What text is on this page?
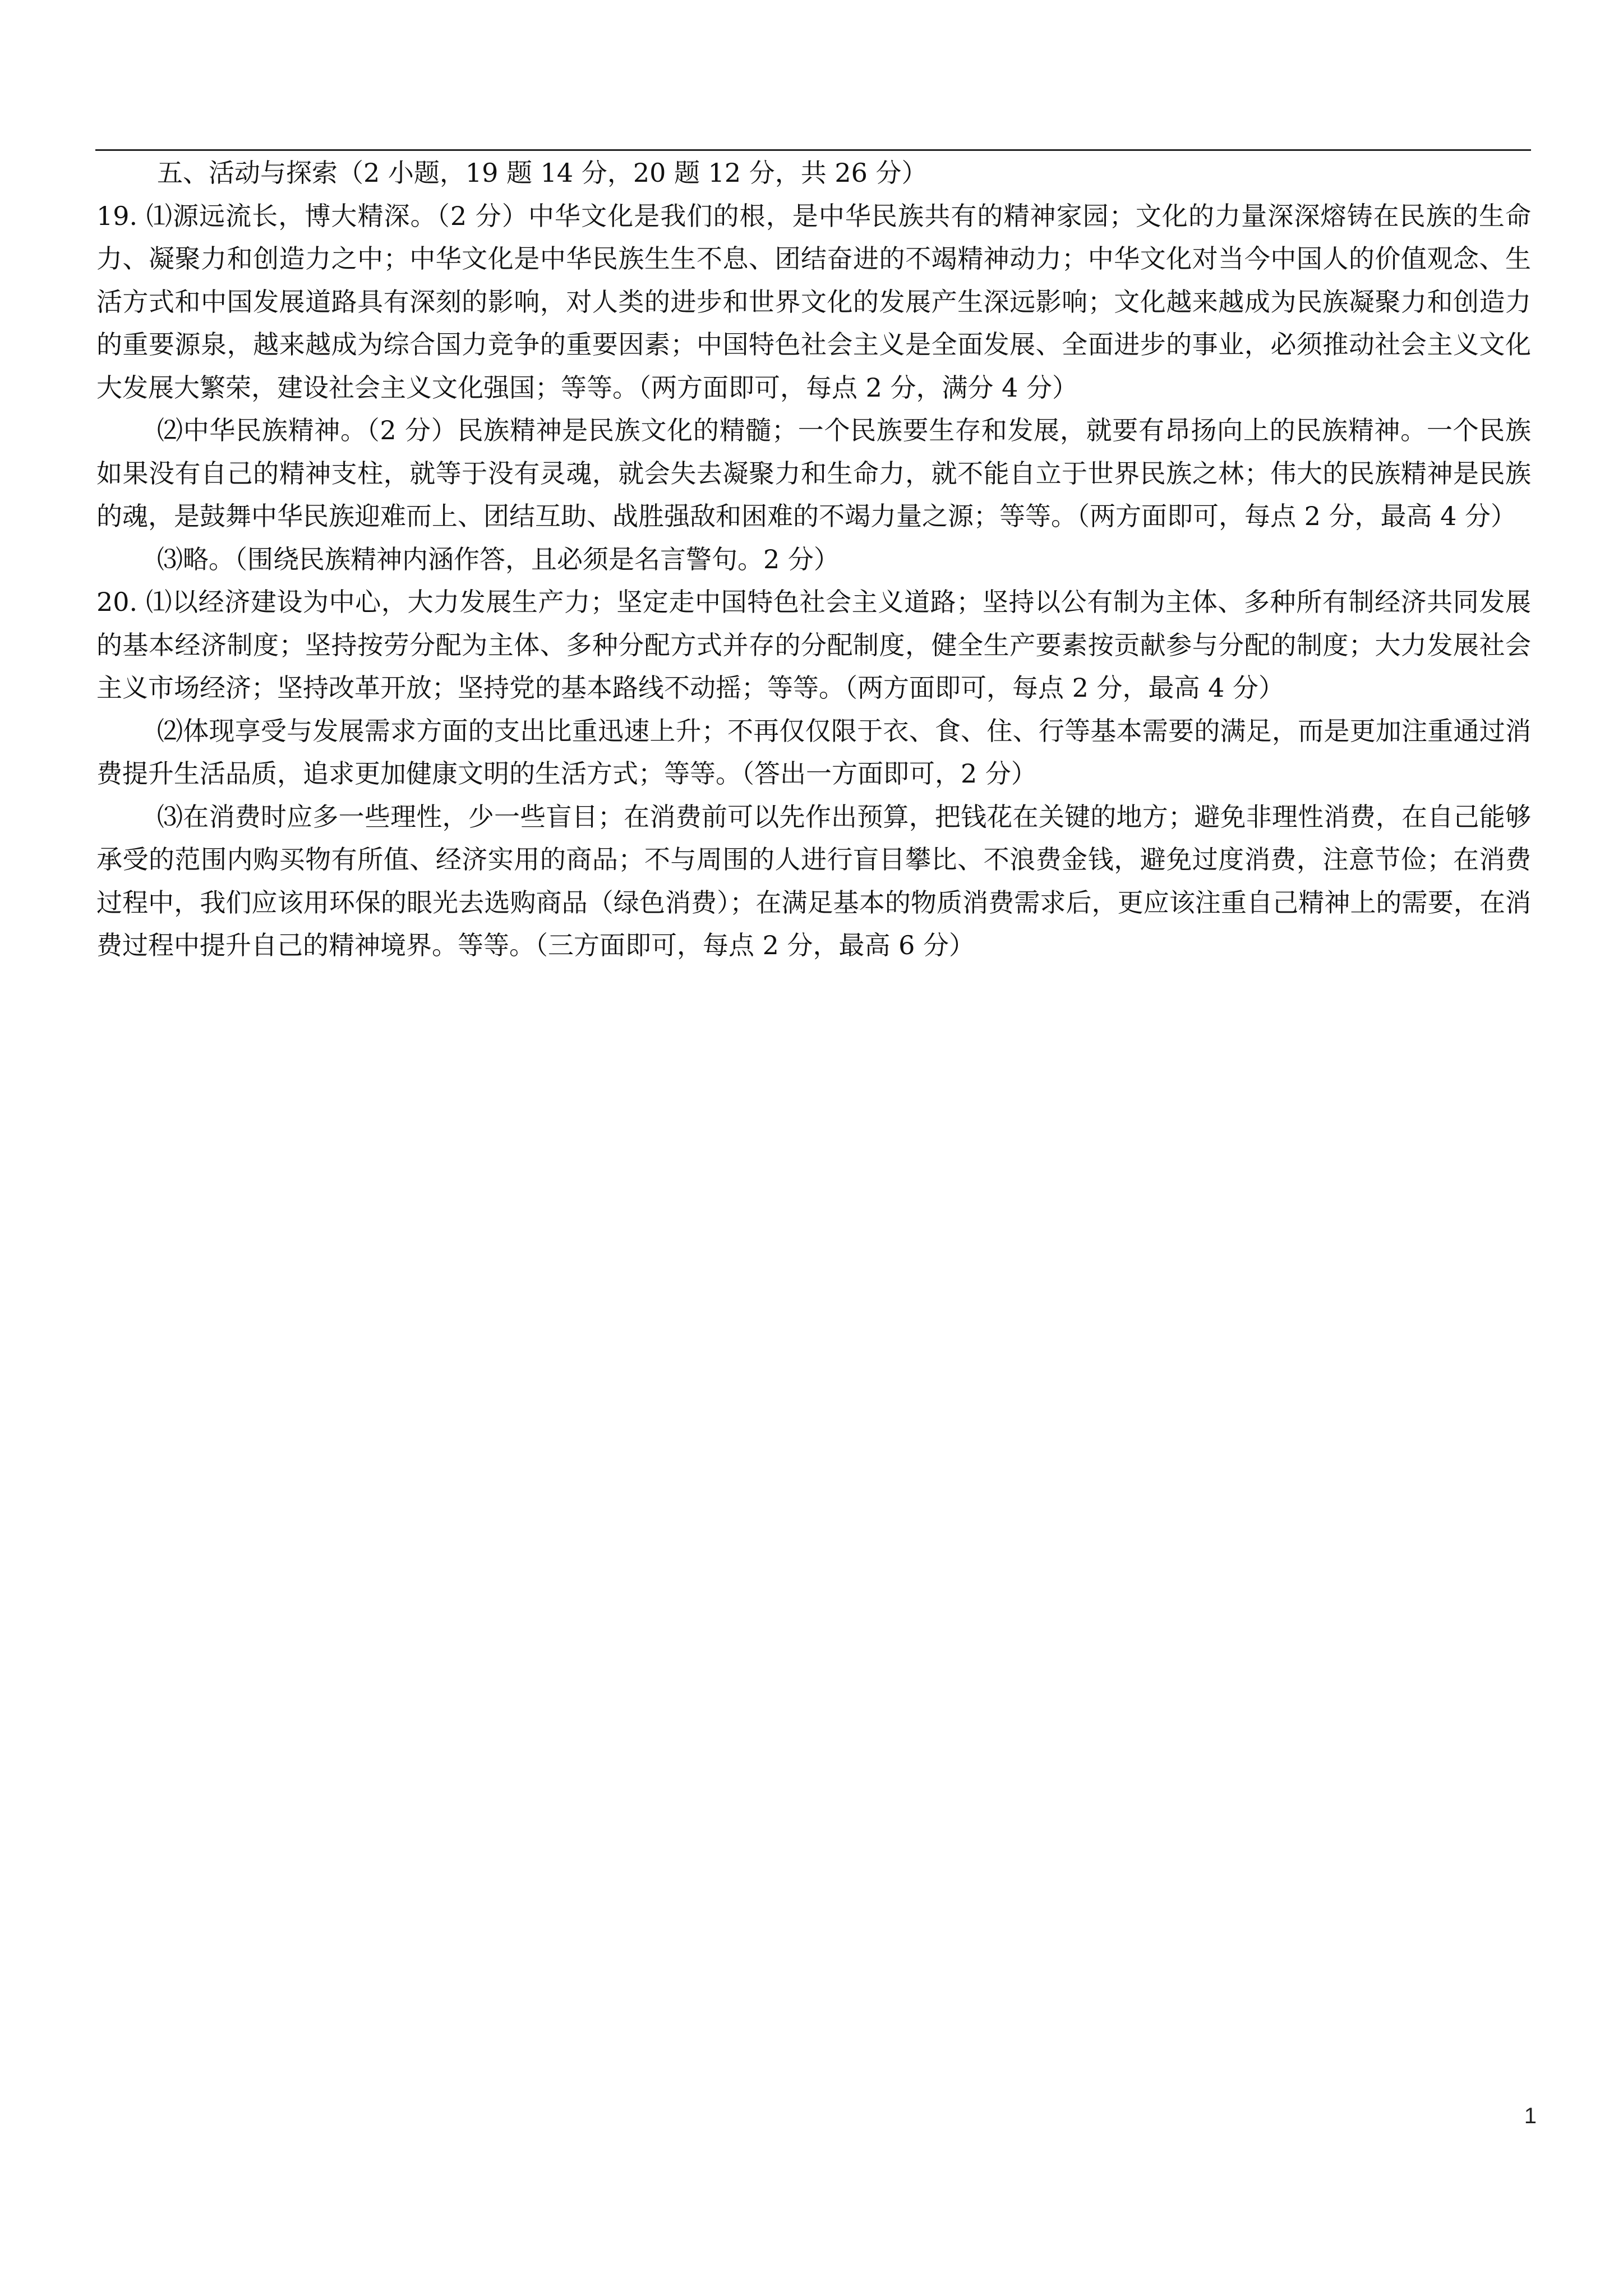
五、活动与探索（2 小题，19 题 14 分，20 题 12 分，共 26 分）

19. ⑴源远流长，博大精深。（2 分）中华文化是我们的根，是中华民族共有的精神家园；文化的力量深深熔铸在民族的生命力、凝聚力和创造力之中；中华文化是中华民族生生不息、团结奋进的不竭精神动力；中华文化对当今中国人的价值观念、生活方式和中国发展道路具有深刻的影响，对人类的进步和世界文化的发展产生深远影响；文化越来越成为民族凝聚力和创造力的重要源泉，越来越成为综合国力竞争的重要因素；中国特色社会主义是全面发展、全面进步的事业，必须推动社会主义文化大发展大繁荣，建设社会主义文化强国；等等。（两方面即可，每点 2 分，满分 4 分）

⑵中华民族精神。（2 分）民族精神是民族文化的精髓；一个民族要生存和发展，就要有昂扬向上的民族精神。一个民族如果没有自己的精神支柱，就等于没有灵魂，就会失去凝聚力和生命力，就不能自立于世界民族之林；伟大的民族精神是民族的魂，是鼓舞中华民族迎难而上、团结互助、战胜强敌和困难的不竭力量之源；等等。（两方面即可，每点 2 分，最高 4 分）

⑶略。（围绕民族精神内涵作答，且必须是名言警句。2 分）

20. ⑴以经济建设为中心，大力发展生产力；坚定走中国特色社会主义道路；坚持以公有制为主体、多种所有制经济共同发展的基本经济制度；坚持按劳分配为主体、多种分配方式并存的分配制度，健全生产要素按贡献参与分配的制度；大力发展社会主义市场经济；坚持改革开放；坚持党的基本路线不动摇；等等。（两方面即可，每点 2 分，最高 4 分）

⑵体现享受与发展需求方面的支出比重迅速上升；不再仅仅限于衣、食、住、行等基本需要的满足，而是更加注重通过消费提升生活品质，追求更加健康文明的生活方式；等等。（答出一方面即可，2 分）

⑶在消费时应多一些理性，少一些盲目；在消费前可以先作出预算，把钱花在关键的地方；避免非理性消费，在自己能够承受的范围内购买物有所值、经济实用的商品；不与周围的人进行盲目攀比、不浪费金钱，避免过度消费，注意节俭；在消费过程中，我们应该用环保的眼光去选购商品（绿色消费）；在满足基本的物质消费需求后，更应该注重自己精神上的需要，在消费过程中提升自己的精神境界。等等。（三方面即可，每点 2 分，最高 6 分）

1
